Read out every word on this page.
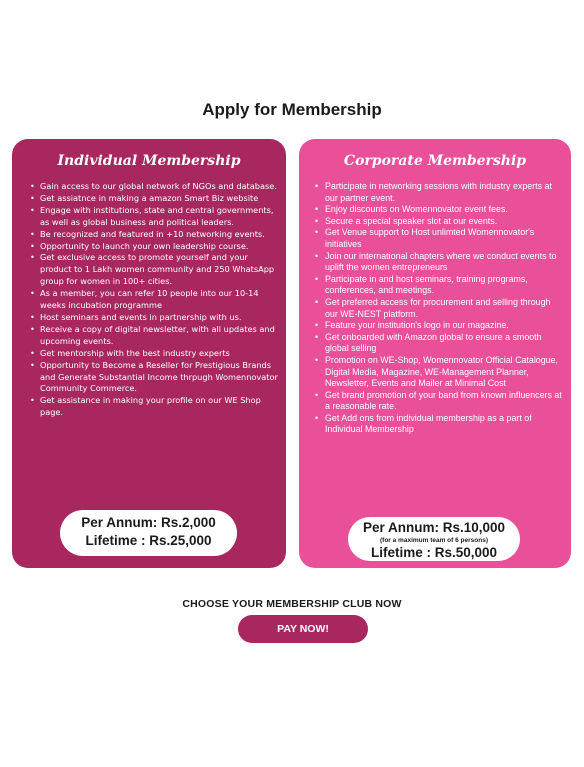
Apply for Membership
Individual Membership
• Gain access to our global network of NGOs and database.
• Get assiatnce in making a amazon Smart Biz website
• Engage with institutions, state and central governments, as well as global business and political leaders.
• Be recognized and featured in +10 networking events.
• Opportunity to launch your own leadership course.
• Get exclusive access to promote yourself and your product to 1 Lakh women community and 250 WhatsApp group for women in 100+ cities.
• As a member, you can refer 10 people into our 10-14 weeks incubation programme
• Host seminars and events in partnership with us.
• Receive a copy of digital newsletter, with all updates and upcoming events.
• Get mentorship with the best industry experts
• Opportunity to Become a Reseller for Prestigious Brands and Generate Substantial Income thrpugh Womennovator Community Commerce.
• Get assistance in making your profile on our WE Shop page.
Per Annum: Rs.2,000
Lifetime : Rs.25,000
Corporate Membership
• Participate in networking sessions with industry experts at our partner event.
• Enjoy discounts on Womennovator event fees.
• Secure a special speaker slot at our events.
• Get Venue support to Host unlimted Womennovator's initiatives
• Join our international chapters where we conduct events to uplift the women entrepreneurs
• Participate in and host seminars, training programs, conferences, and meetings.
• Get preferred access for procurement and selling through our WE-NEST platform.
• Feature your institution's logo in our magazine.
• Get onboarded with Amazon global to ensure a smooth global selling
• Promotion on WE-Shop, Womennovator Official Catalogue, Digital Media, Magazine, WE-Management Planner, Newsletter, Events and Mailer at Minimal Cost
• Get brand promotion of your band from known influencers at a reasonable rate.
• Get Add ons from individual membership as a part of Individual Membership
Per Annum: Rs.10,000
(for a maximum team of 6 persons)
Lifetime : Rs.50,000
CHOOSE YOUR MEMBERSHIP CLUB NOW
PAY NOW!
